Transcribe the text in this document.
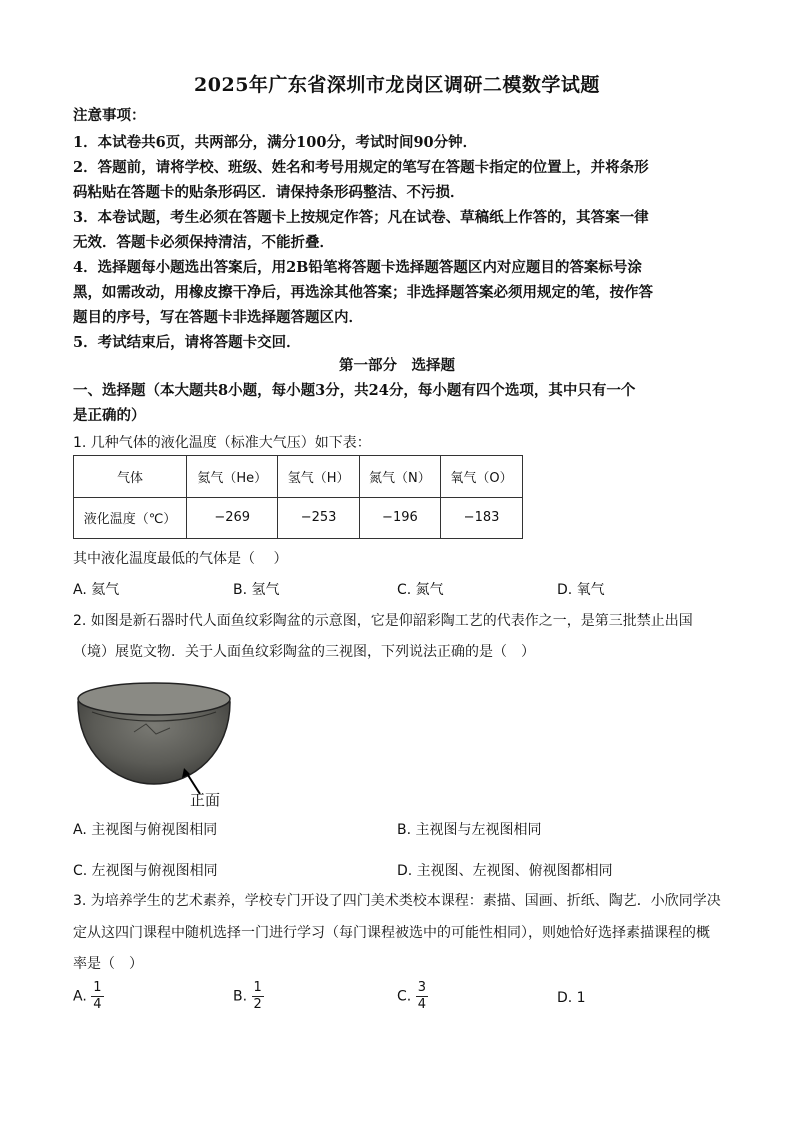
2025年广东省深圳市龙岗区调研二模数学试题
注意事项：
1．本试卷共6页，共两部分，满分100分，考试时间90分钟．
2．答题前，请将学校、班级、姓名和考号用规定的笔写在答题卡指定的位置上，并将条形
码粘贴在答题卡的贴条形码区．请保持条形码整洁、不污损．
3．本卷试题，考生必须在答题卡上按规定作答；凡在试卷、草稿纸上作答的，其答案一律
无效．答题卡必须保持清洁，不能折叠．
4．选择题每小题选出答案后，用2B铅笔将答题卡选择题答题区内对应题目的答案标号涂
黑，如需改动，用橡皮擦干净后，再选涂其他答案；非选择题答案必须用规定的笔，按作答
题目的序号，写在答题卡非选择题答题区内．
5．考试结束后，请将答题卡交回．
第一部分　选择题
一、选择题（本大题共8小题，每小题3分，共24分，每小题有四个选项，其中只有一个
是正确的）
1. 几种气体的液化温度（标准大气压）如下表：
气体	氦气（He）	氢气（H）	氮气（N）	氧气（O）
液化温度（℃）	−269	−253	−196	−183
其中液化温度最低的气体是（　 ）
A. 氦气	B. 氢气	C. 氮气	D. 氧气
2. 如图是新石器时代人面鱼纹彩陶盆的示意图，它是仰韶彩陶工艺的代表作之一，是第三批禁止出国
（境）展览文物．关于人面鱼纹彩陶盆的三视图，下列说法正确的是（　）
正面
A. 主视图与俯视图相同	B. 主视图与左视图相同
C. 左视图与俯视图相同	D. 主视图、左视图、俯视图都相同
3. 为培养学生的艺术素养，学校专门开设了四门美术类校本课程：素描、国画、折纸、陶艺．小欣同学决
定从这四门课程中随机选择一门进行学习（每门课程被选中的可能性相同），则她恰好选择素描课程的概
率是（　）
A. $\frac{1}{4}$	B. $\frac{1}{2}$	C. $\frac{3}{4}$	D. 1
